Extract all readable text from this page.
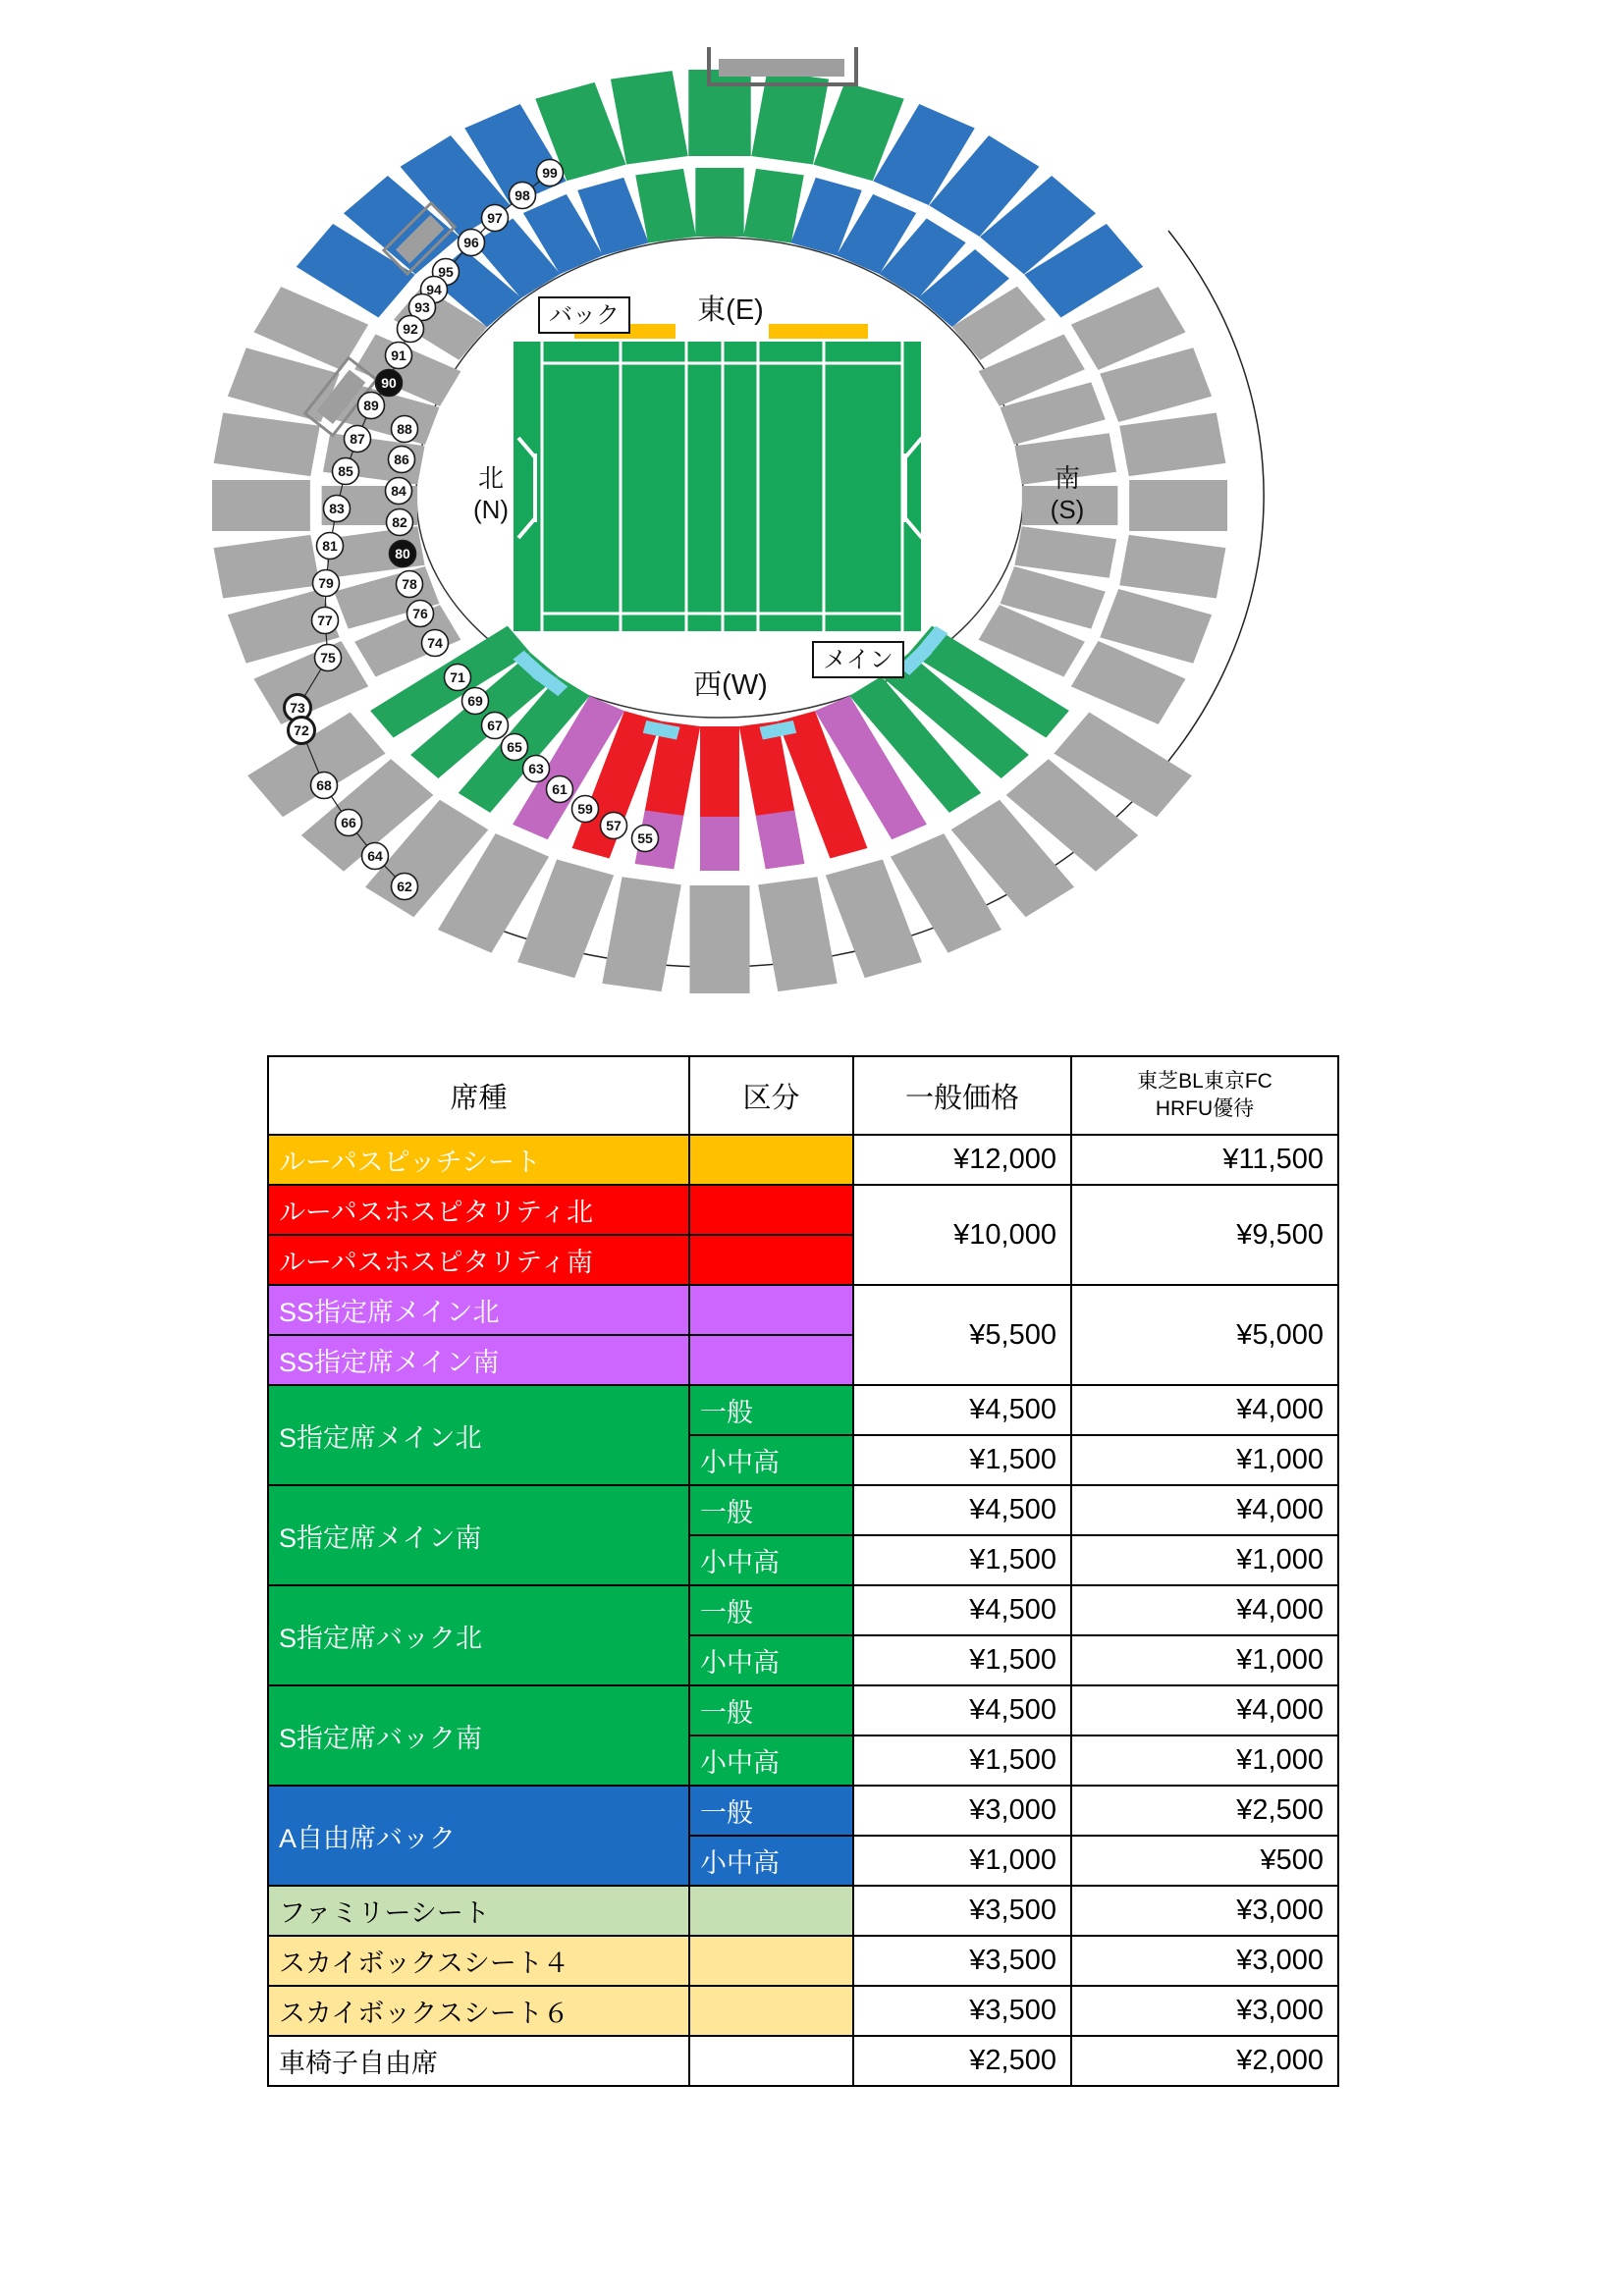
バック
メイン
東(E)
西(W)
北
(N)
南
(S)
99
98
97
96
95
94
93
92
91
90
89
87
85
83
81
79
77
75
73
72
68
66
64
62
88
86
84
82
80
78
76
74
71
69
67
65
63
61
59
57
55
席種	区分	一般価格	東芝BL東京FC
HRFU優待
ルーパスピッチシート		¥12,000	¥11,500
ルーパスホスピタリティ北		¥10,000	¥9,500
ルーパスホスピタリティ南			
SS指定席メイン北		¥5,500	¥5,000
SS指定席メイン南			
S指定席メイン北	一般	¥4,500	¥4,000
	小中高	¥1,500	¥1,000
S指定席メイン南	一般	¥4,500	¥4,000
	小中高	¥1,500	¥1,000
S指定席バック北	一般	¥4,500	¥4,000
	小中高	¥1,500	¥1,000
S指定席バック南	一般	¥4,500	¥4,000
	小中高	¥1,500	¥1,000
A自由席バック	一般	¥3,000	¥2,500
	小中高	¥1,000	¥500
ファミリーシート		¥3,500	¥3,000
スカイボックスシート４		¥3,500	¥3,000
スカイボックスシート６		¥3,500	¥3,000
車椅子自由席		¥2,500	¥2,000
